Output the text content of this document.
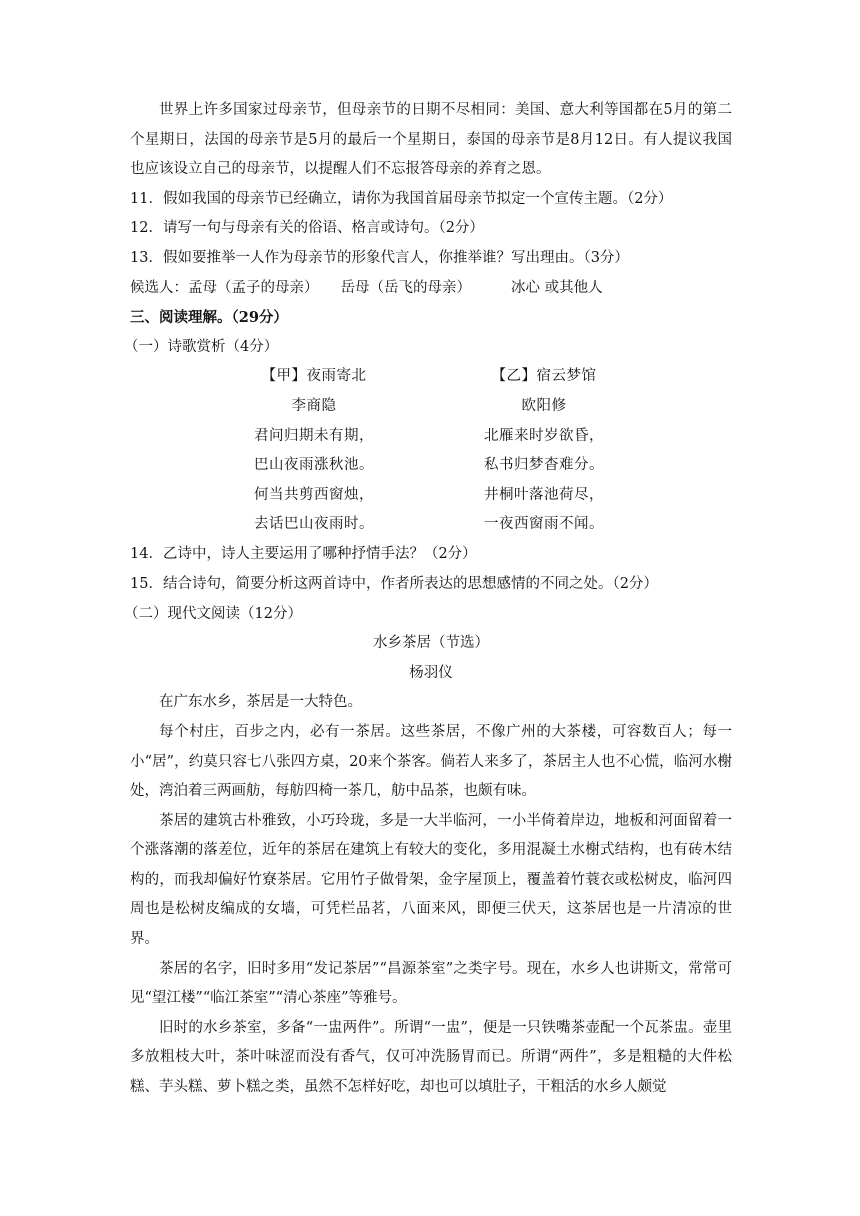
世界上许多国家过母亲节，但母亲节的日期不尽相同：美国、意大利等国都在5月的第二个星期日，法国的母亲节是5月的最后一个星期日，泰国的母亲节是8月12日。有人提议我国也应该设立自己的母亲节，以提醒人们不忘报答母亲的养育之恩。

11．假如我国的母亲节已经确立，请你为我国首届母亲节拟定一个宣传主题。（2分）

12．请写一句与母亲有关的俗语、格言或诗句。（2分）

13．假如要推举一人作为母亲节的形象代言人，你推举谁？写出理由。（3分）

候选人：孟母（孟子的母亲） 岳母（岳飞的母亲）	冰心 或其他人

三、阅读理解。（29分）

（一）诗歌赏析（4分）

【甲】夜雨寄北
李商隐
君问归期未有期，
巴山夜雨涨秋池。
何当共剪西窗烛，
去话巴山夜雨时。
【乙】宿云梦馆
欧阳修
北雁来时岁欲昏，
私书归梦杳难分。
井桐叶落池荷尽，
一夜西窗雨不闻。

14．乙诗中，诗人主要运用了哪种抒情手法？（2分）

15．结合诗句，简要分析这两首诗中，作者所表达的思想感情的不同之处。（2分）

（二）现代文阅读（12分）

水乡茶居（节选）

杨羽仪

在广东水乡，茶居是一大特色。

每个村庄，百步之内，必有一茶居。这些茶居，不像广州的大茶楼，可容数百人；每一小“居”，约莫只容七八张四方桌，20来个茶客。倘若人来多了，茶居主人也不心慌，临河水榭处，湾泊着三两画舫，每舫四椅一茶几，舫中品茶，也颇有味。

茶居的建筑古朴雅致，小巧玲珑，多是一大半临河，一小半倚着岸边，地板和河面留着一个涨落潮的落差位，近年的茶居在建筑上有较大的变化，多用混凝土水榭式结构，也有砖木结构的，而我却偏好竹寮茶居。它用竹子做骨架，金字屋顶上，覆盖着竹蓑衣或松树皮，临河四周也是松树皮编成的女墙，可凭栏品茗，八面来风，即便三伏天，这茶居也是一片清凉的世界。

茶居的名字，旧时多用“发记茶居”“昌源茶室”之类字号。现在，水乡人也讲斯文，常常可见“望江楼”“临江茶室”“清心茶座”等雅号。

旧时的水乡茶室，多备“一盅两件”。所谓“一盅”，便是一只铁嘴茶壶配一个瓦茶盅。壶里多放粗枝大叶，茶叶味涩而没有香气，仅可冲洗肠胃而已。所谓“两件”，多是粗糙的大件松糕、芋头糕、萝卜糕之类，虽然不怎样好吃，却也可以填肚子，干粗活的水乡人颇觉
